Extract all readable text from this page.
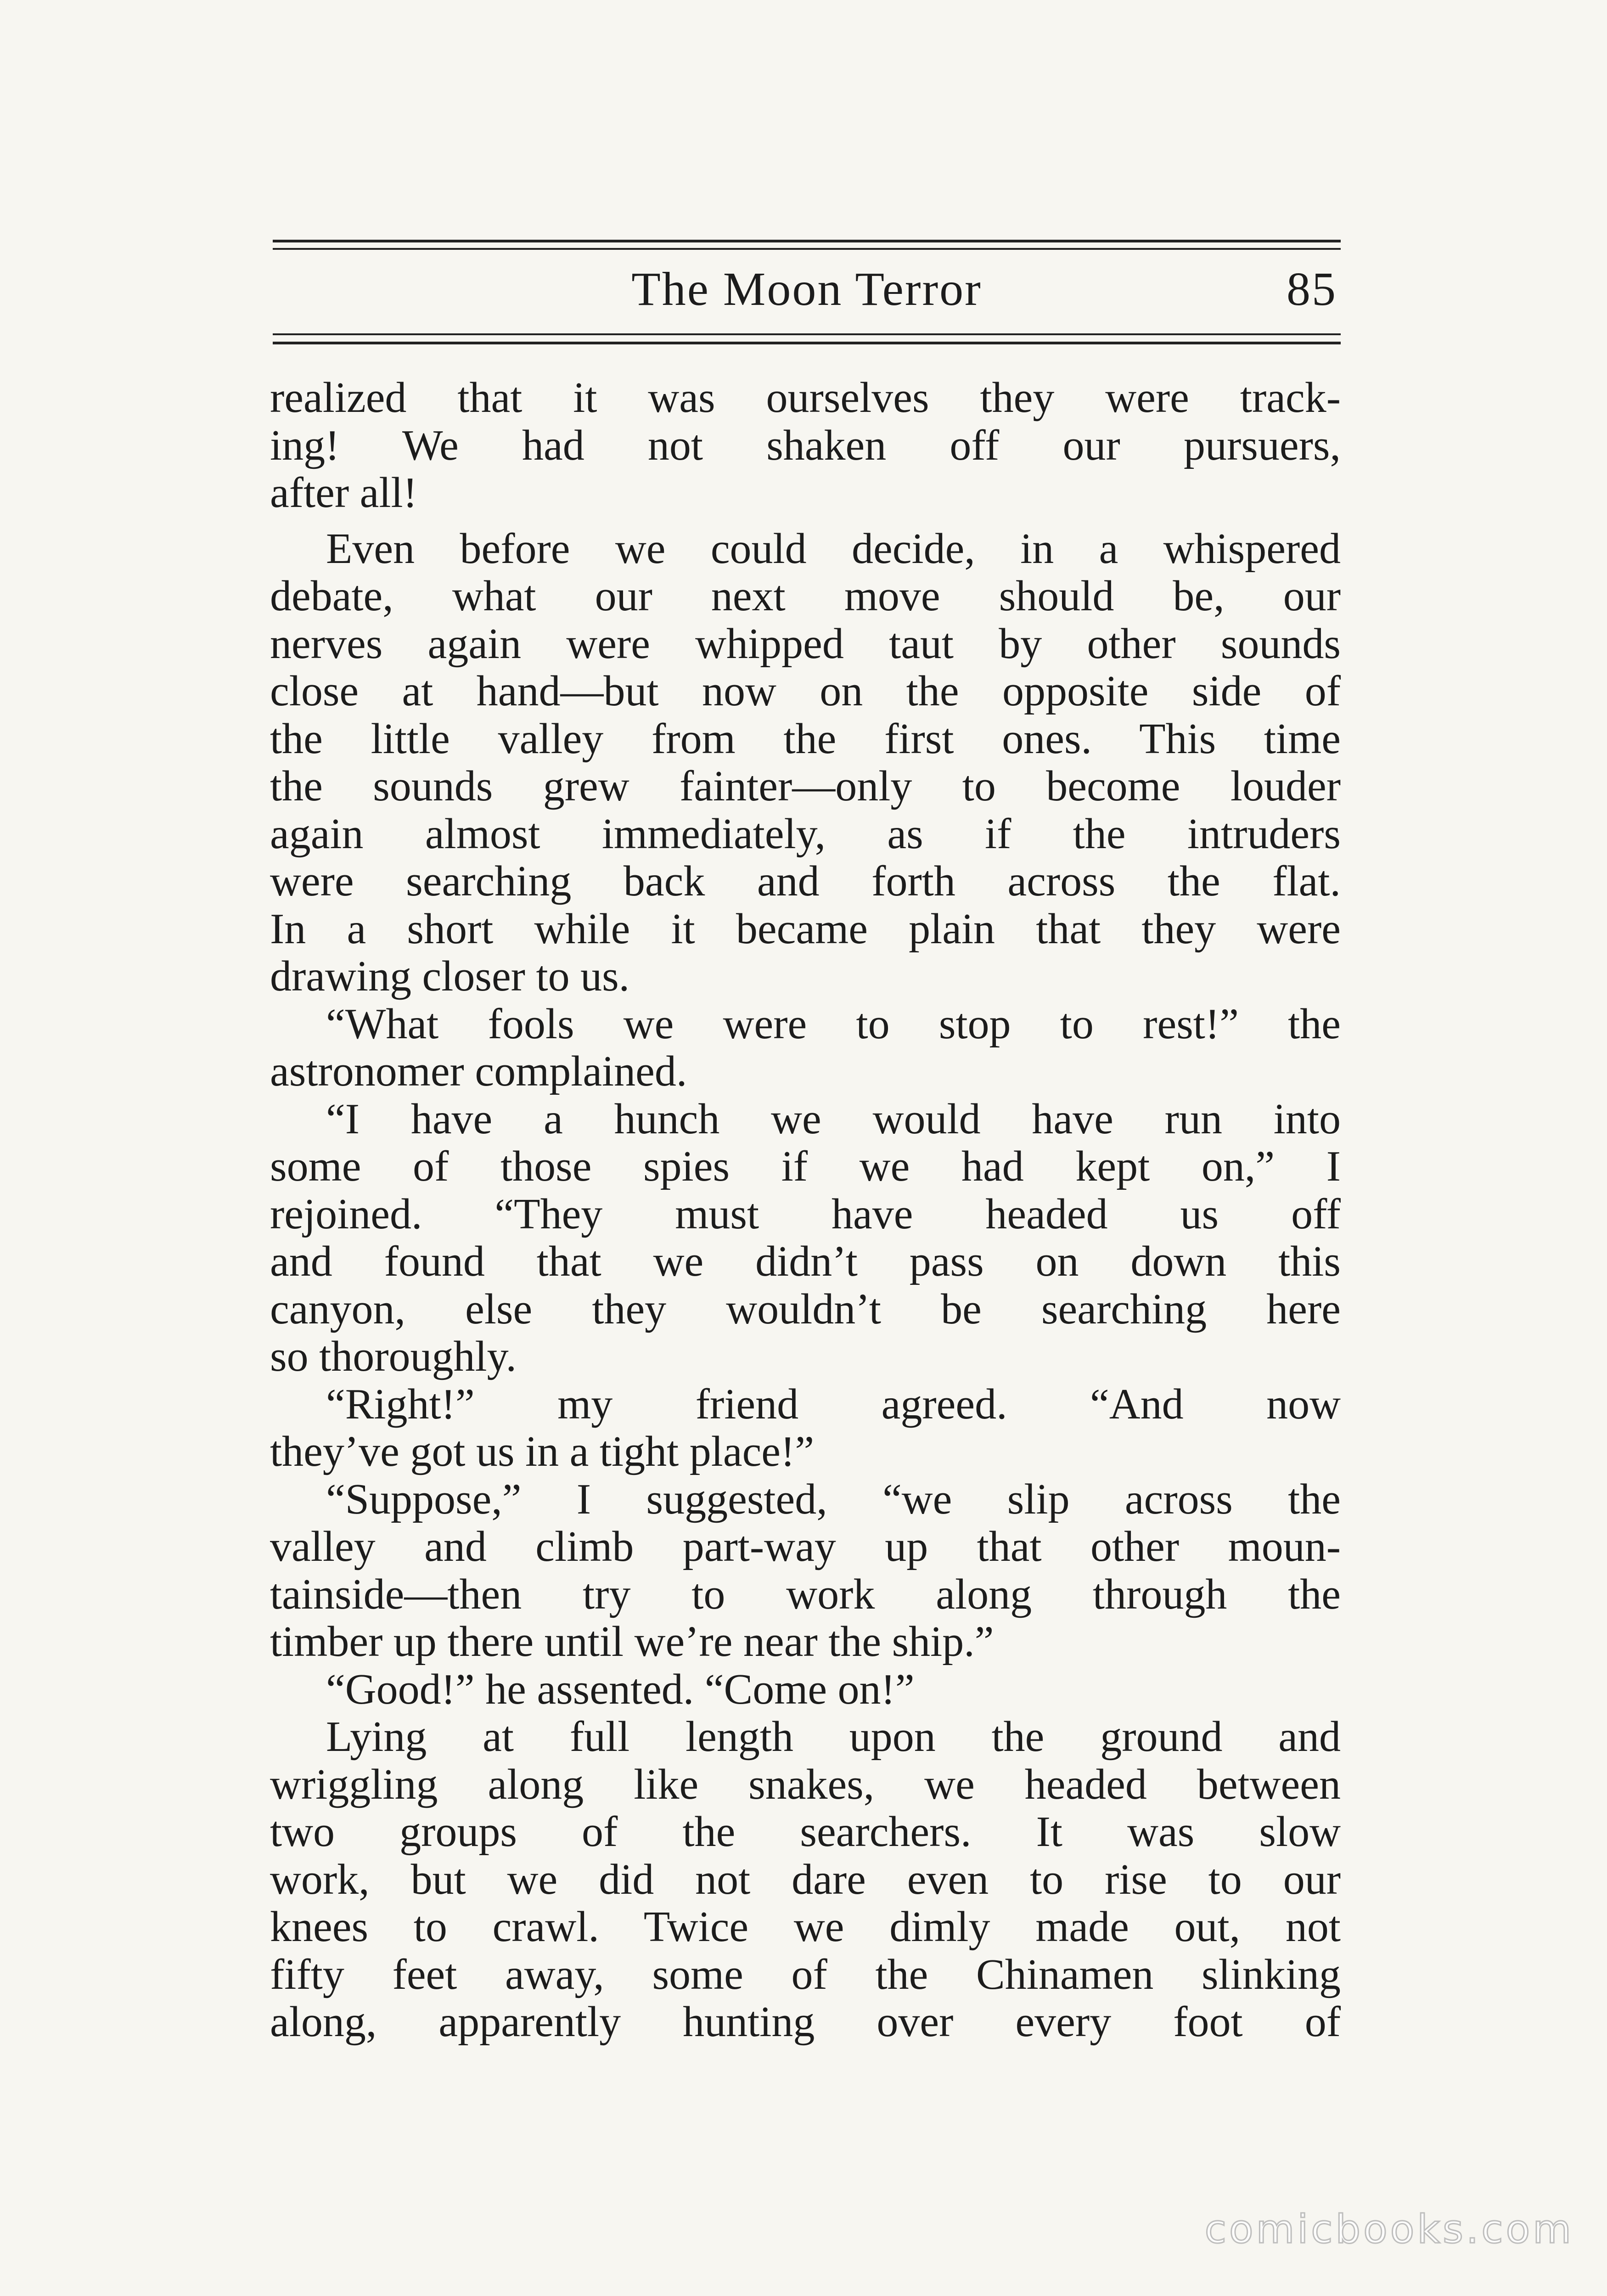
The Moon Terror	85
realized that it was ourselves they were track-
ing! We had not shaken off our pursuers,
after all!
Even before we could decide, in a whispered
debate, what our next move should be, our
nerves again were whipped taut by other sounds
close at hand—but now on the opposite side of
the little valley from the first ones. This time
the sounds grew fainter—only to become louder
again almost immediately, as if the intruders
were searching back and forth across the flat.
In a short while it became plain that they were
drawing closer to us.
“What fools we were to stop to rest!” the
astronomer complained.
“I have a hunch we would have run into
some of those spies if we had kept on,” I
rejoined. “They must have headed us off
and found that we didn’t pass on down this
canyon, else they wouldn’t be searching here
so thoroughly.
“Right!” my friend agreed. “And now
they’ve got us in a tight place!”
“Suppose,” I suggested, “we slip across the
valley and climb part-way up that other moun-
tainside—then try to work along through the
timber up there until we’re near the ship.”
“Good!” he assented. “Come on!”
Lying at full length upon the ground and
wriggling along like snakes, we headed between
two groups of the searchers. It was slow
work, but we did not dare even to rise to our
knees to crawl. Twice we dimly made out, not
fifty feet away, some of the Chinamen slinking
along, apparently hunting over every foot of
comicbooks.com
